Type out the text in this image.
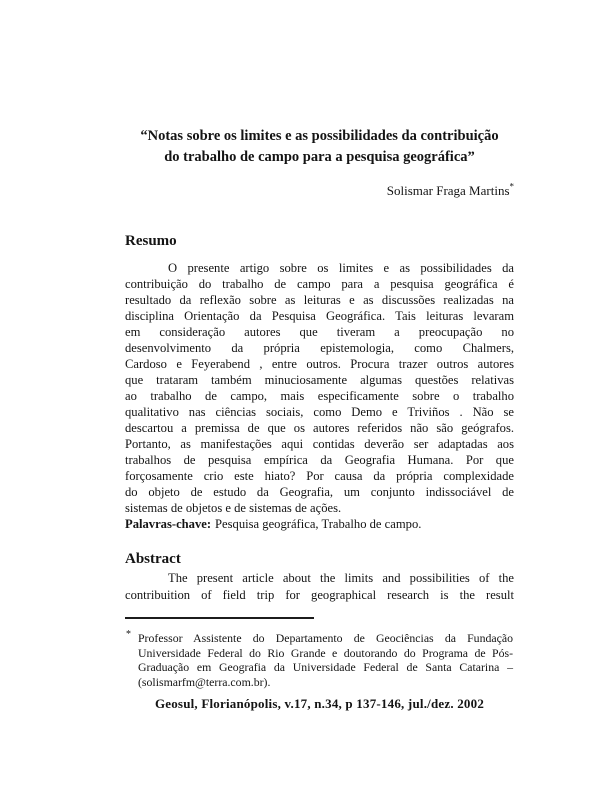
“Notas sobre os limites e as possibilidades da contribuição
do trabalho de campo para a pesquisa geográfica”
Solismar Fraga Martins*
Resumo
O presente artigo sobre os limites e as possibilidades da
contribuição do trabalho de campo para a pesquisa geográfica é
resultado da reflexão sobre as leituras e as discussões realizadas na
disciplina Orientação da Pesquisa Geográfica. Tais leituras levaram
em consideração autores que tiveram a preocupação no
desenvolvimento da própria epistemologia, como Chalmers,
Cardoso e Feyerabend , entre outros. Procura trazer outros autores
que trataram também minuciosamente algumas questões relativas
ao trabalho de campo, mais especificamente sobre o trabalho
qualitativo nas ciências sociais, como Demo e Triviños . Não se
descartou a premissa de que os autores referidos não são geógrafos.
Portanto, as manifestações aqui contidas deverão ser adaptadas aos
trabalhos de pesquisa empírica da Geografia Humana. Por que
forçosamente crio este hiato? Por causa da própria complexidade
do objeto de estudo da Geografia, um conjunto indissociável de
sistemas de objetos e de sistemas de ações.
Palavras-chave: Pesquisa geográfica, Trabalho de campo.
Abstract
The present article about the limits and possibilities of the
contribuition of field trip for geographical research is the result
* Professor Assistente do Departamento de Geociências da Fundação
Universidade Federal do Rio Grande e doutorando do Programa de Pós-
Graduação em Geografia da Universidade Federal de Santa Catarina –
(solismarfm@terra.com.br).
Geosul, Florianópolis, v.17, n.34, p 137-146, jul./dez. 2002
